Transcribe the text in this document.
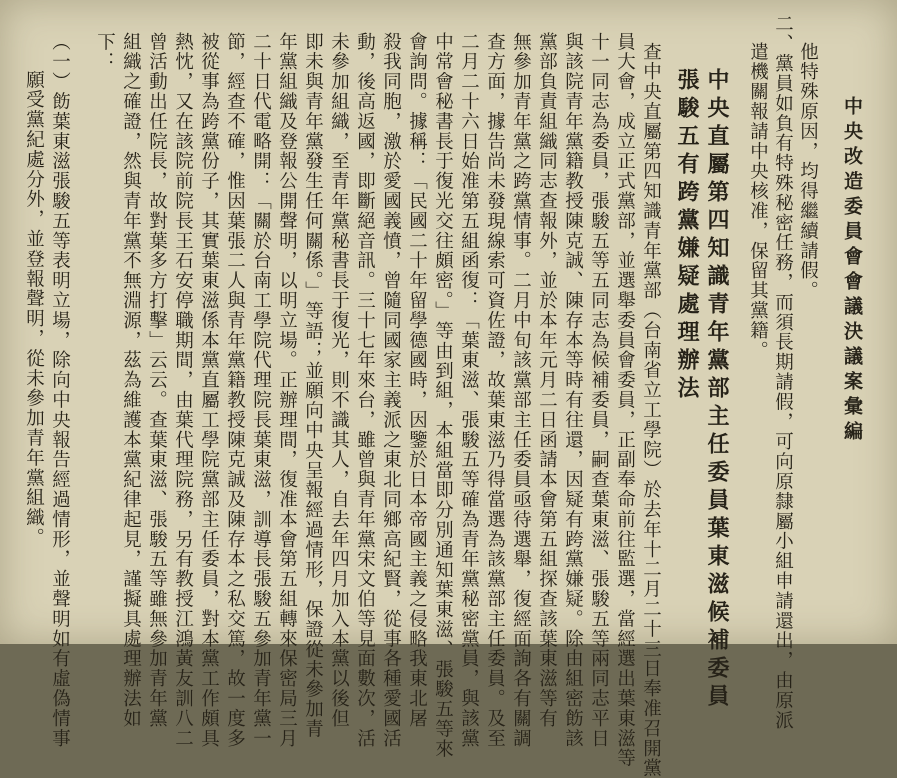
中央改造委員會會議決議案彙編
他特殊原因，均得繼續請假。
二、黨員如負有特殊秘密任務，而須長期請假，可向原隸屬小組申請還出，由原派
遣機關報請中央核准，保留其黨籍。
中央直屬第四知識青年黨部主任委員葉東滋候補委員
張駿五有跨黨嫌疑處理辦法
查中央直屬第四知識青年黨部（台南省立工學院）於去年十二月二十三日奉准召開黨
員大會，成立正式黨部，並選舉委員會委員，正副奉命前往監選，當經選出葉東滋等
十一同志為委員，張駿五等五同志為候補委員，嗣查葉東滋、張駿五等兩同志平日
與該院青年黨籍教授陳克誠、陳存本等時有往還，因疑有跨黨嫌疑。除由組密飭該
黨部負責組織同志查報外，並於本年元月二日函請本會第五組探查該葉東滋等有
無參加青年黨之跨黨情事。二月中旬該黨部主任委員亟待選舉，復經面詢各有關調
查方面，據告尚未發現線索可資佐證，故葉東滋乃得當選為該黨部主任委員。及至
二月二十六日始准第五組函復：「葉東滋、張駿五等確為青年黨秘密黨員，與該黨
中常會秘書長于復光交往頗密。」等由到組，本組當即分別通知葉東滋、張駿五等來
會詢問。據稱：「民國二十年留學德國時，因鑒於日本帝國主義之侵略我東北屠
殺我同胞，激於愛國義憤，曾隨同國家主義派之東北同鄉高紀賢，從事各種愛國活
動，後高返國，即斷絕音訊。三十七年來台，雖曾與青年黨宋文伯等見面數次，活
未參加組織，至青年黨秘書長于復光，則不識其人，自去年四月加入本黨以後但
即未與青年黨發生任何關係。」等語；並願向中央呈報經過情形，保證從未參加青
年黨組織及登報公開聲明，以明立場。正辦理間，復准本會第五組轉來保密局三月
二十日代電略開：「關於台南工學院代理院長葉東滋，訓導長張駿五參加青年黨一
節，經查不確，惟因葉張二人與青年黨籍教授陳克誠及陳存本之私交篤，故一度多
被從事為跨黨份子，其實葉東滋係本黨直屬工學院黨部主任委員，對本黨工作頗具
熱忱，又在該院前院長王石安停職期間，由葉代理院務，另有教授江鴻黃友訓八二
曾活動出任院長，故對葉多方打擊」云云。查葉東滋、張駿五等雖無參加青年黨
組織之確證，然與青年黨不無淵源，茲為維護本黨紀律起見，謹擬具處理辦法如
下：
（一）飭葉東滋張駿五等表明立場，除向中央報告經過情形，並聲明如有虛偽情事
願受黨紀處分外，並登報聲明，從未參加青年黨組織。
